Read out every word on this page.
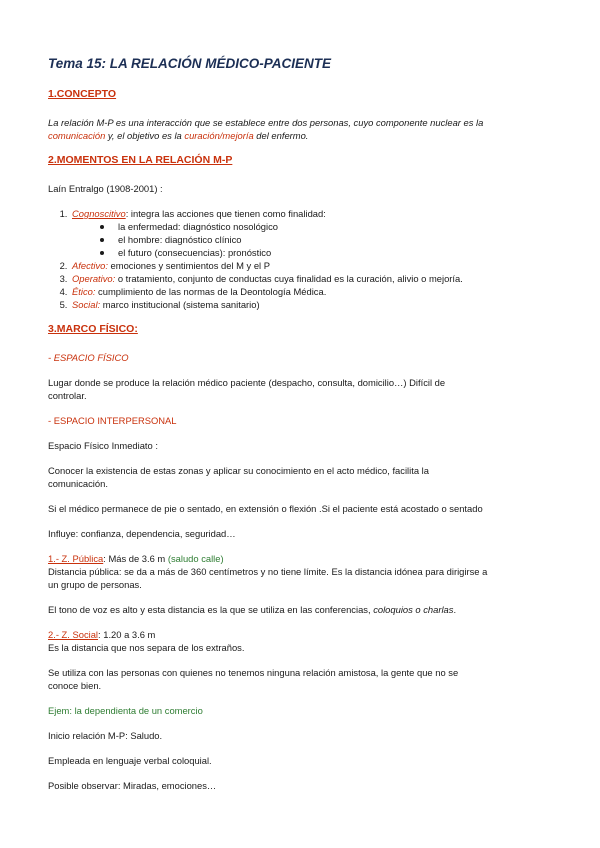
Tema 15: LA RELACIÓN MÉDICO-PACIENTE
1.CONCEPTO

La relación M-P es una interacción que se establece entre dos personas, cuyo componente nuclear es la
comunicación y, el objetivo es la curación/mejoría del enfermo.

2.MOMENTOS EN LA RELACIÓN M-P

Laín Entralgo (1908-2001) :

1. Cognoscitivo: integra las acciones que tienen como finalidad:
la enfermedad: diagnóstico nosológico
el hombre: diagnóstico clínico
el futuro (consecuencias): pronóstico
2. Afectivo: emociones y sentimientos del M y el P
3. Operativo: o tratamiento, conjunto de conductas cuya finalidad es la curación, alivio o mejoría.
4. Ético: cumplimiento de las normas de la Deontología Médica.
5. Social: marco institucional (sistema sanitario)
3.MARCO FÍSICO:

- ESPACIO FÍSICO

Lugar donde se produce la relación médico paciente (despacho, consulta, domicilio…) Difícil de
controlar.

- ESPACIO INTERPERSONAL

Espacio Físico Inmediato :

Conocer la existencia de estas zonas y aplicar su conocimiento en el acto médico, facilita la
comunicación.

Si el médico permanece de pie o sentado, en extensión o flexión .Si el paciente está acostado o sentado

Influye: confianza, dependencia, seguridad…

1.- Z. Pública: Más de 3.6 m (saludo calle)

Distancia pública: se da a más de 360 centímetros y no tiene límite. Es la distancia idónea para dirigirse a
un grupo de personas.

El tono de voz es alto y esta distancia es la que se utiliza en las conferencias, coloquios o charlas.

2.- Z. Social: 1.20 a 3.6 m

Es la distancia que nos separa de los extraños.

Se utiliza con las personas con quienes no tenemos ninguna relación amistosa, la gente que no se
conoce bien.

Ejem: la dependienta de un comercio

Inicio relación M-P: Saludo.

Empleada en lenguaje verbal coloquial.

Posible observar: Miradas, emociones…
